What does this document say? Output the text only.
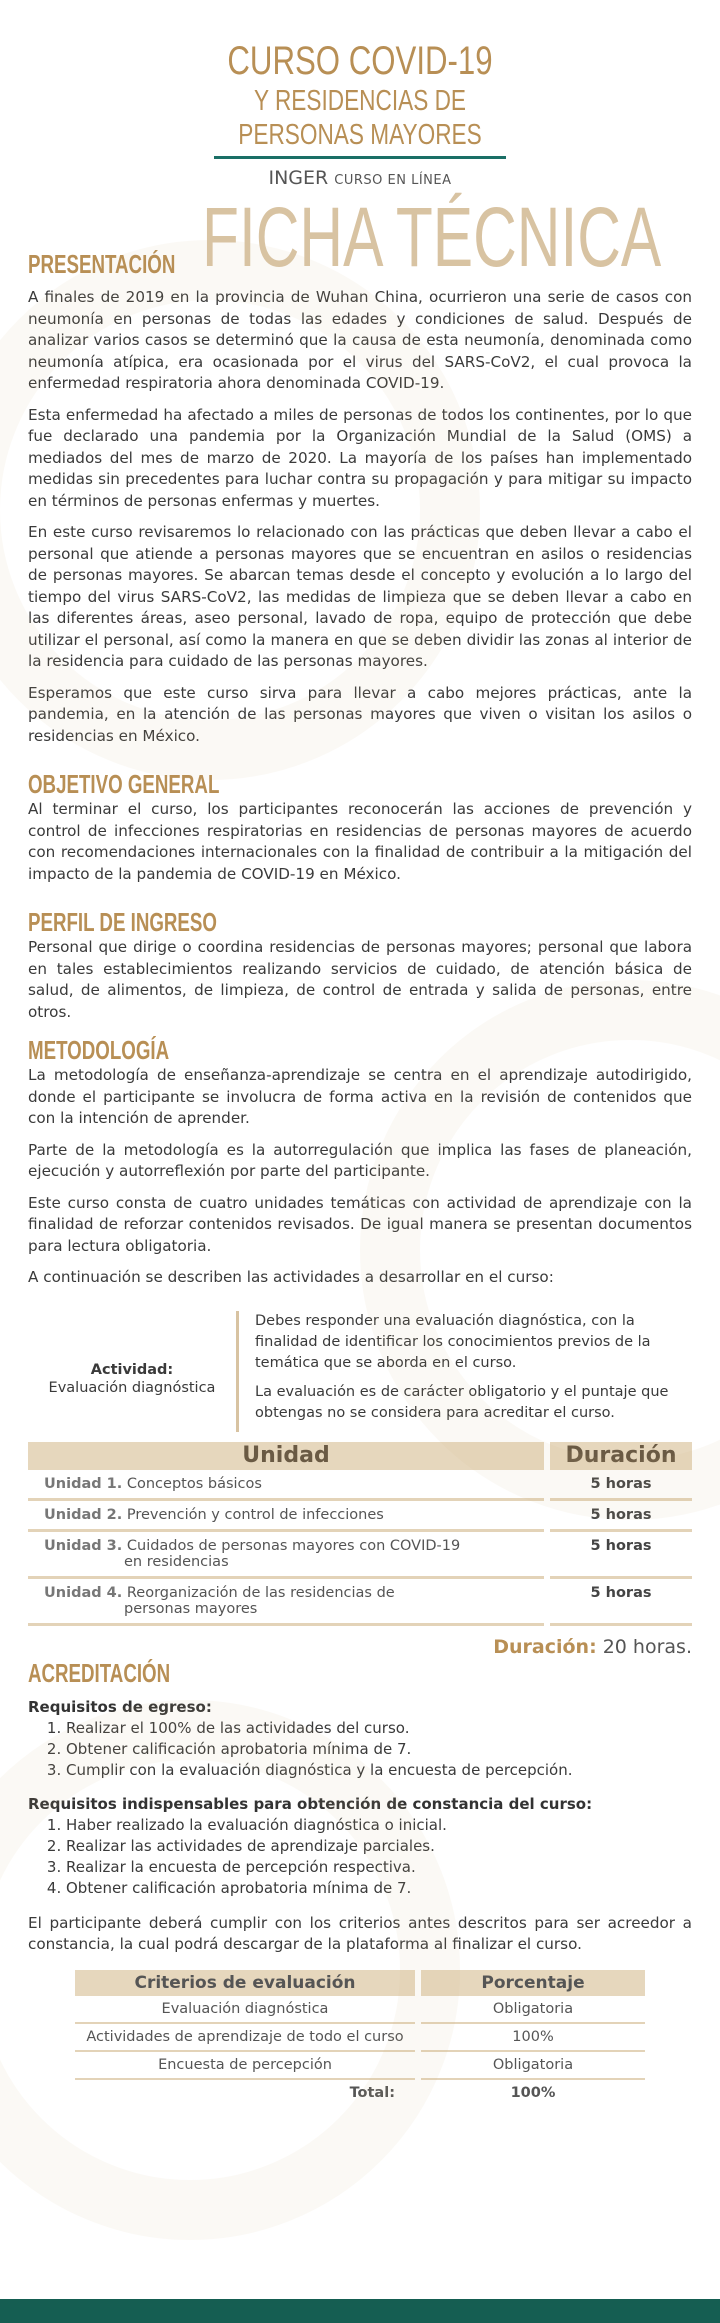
CURSO COVID-19
Y RESIDENCIAS DE
PERSONAS MAYORES
INGER CURSO EN LÍNEA
FICHA TÉCNICA
PRESENTACIÓN

A finales de 2019 en la provincia de Wuhan China, ocurrieron una serie de casos con neumonía en personas de todas las edades y condiciones de salud. Después de analizar varios casos se determinó que la causa de esta neumonía, denominada como neumonía atípica, era ocasionada por el virus del SARS-CoV2, el cual provoca la enfermedad respiratoria ahora denominada COVID-19.

Esta enfermedad ha afectado a miles de personas de todos los continentes, por lo que fue declarado una pandemia por la Organización Mundial de la Salud (OMS) a mediados del mes de marzo de 2020. La mayoría de los países han implementado medidas sin precedentes para luchar contra su propagación y para mitigar su impacto en términos de personas enfermas y muertes.

En este curso revisaremos lo relacionado con las prácticas que deben llevar a cabo el personal que atiende a personas mayores que se encuentran en asilos o residencias de personas mayores. Se abarcan temas desde el concepto y evolución a lo largo del tiempo del virus SARS-CoV2, las medidas de limpieza que se deben llevar a cabo en las diferentes áreas, aseo personal, lavado de ropa, equipo de protección que debe utilizar el personal, así como la manera en que se deben dividir las zonas al interior de la residencia para cuidado de las personas mayores.

Esperamos que este curso sirva para llevar a cabo mejores prácticas, ante la pandemia, en la atención de las personas mayores que viven o visitan los asilos o residencias en México.

OBJETIVO GENERAL

Al terminar el curso, los participantes reconocerán las acciones de prevención y control de infecciones respiratorias en residencias de personas mayores de acuerdo con recomendaciones internacionales con la finalidad de contribuir a la mitigación del impacto de la pandemia de COVID-19 en México.

PERFIL DE INGRESO

Personal que dirige o coordina residencias de personas mayores; personal que labora en tales establecimientos realizando servicios de cuidado, de atención básica de salud, de alimentos, de limpieza, de control de entrada y salida de personas, entre otros.

METODOLOGÍA

La metodología de enseñanza-aprendizaje se centra en el aprendizaje autodirigido, donde el participante se involucra de forma activa en la revisión de contenidos que con la intención de aprender.

Parte de la metodología es la autorregulación que implica las fases de planeación, ejecución y autorreflexión por parte del participante.

Este curso consta de cuatro unidades temáticas con actividad de aprendizaje con la finalidad de reforzar contenidos revisados. De igual manera se presentan documentos para lectura obligatoria.

A continuación se describen las actividades a desarrollar en el curso:

Actividad:
Evaluación diagnóstica

Debes responder una evaluación diagnóstica, con la finalidad de identificar los conocimientos previos de la temática que se aborda en el curso.

La evaluación es de carácter obligatorio y el puntaje que obtengas no se considera para acreditar el curso.

Unidad		Duración
Unidad 1. Conceptos básicos		5 horas
Unidad 2. Prevención y control de infecciones		5 horas
Unidad 3. Cuidados de personas mayores con COVID-19
en residencias		5 horas
Unidad 4. Reorganización de las residencias de
personas mayores		5 horas
Duración: 20 horas.
ACREDITACIÓN
Requisitos de egreso:
1. Realizar el 100% de las actividades del curso.
2. Obtener calificación aprobatoria mínima de 7.
3. Cumplir con la evaluación diagnóstica y la encuesta de percepción.
Requisitos indispensables para obtención de constancia del curso:
1. Haber realizado la evaluación diagnóstica o inicial.
2. Realizar las actividades de aprendizaje parciales.
3. Realizar la encuesta de percepción respectiva.
4. Obtener calificación aprobatoria mínima de 7.

El participante deberá cumplir con los criterios antes descritos para ser acreedor a constancia, la cual podrá descargar de la plataforma al finalizar el curso.

Criterios de evaluación		Porcentaje
Evaluación diagnóstica		Obligatoria
Actividades de aprendizaje de todo el curso		100%
Encuesta de percepción		Obligatoria
Total:		100%
